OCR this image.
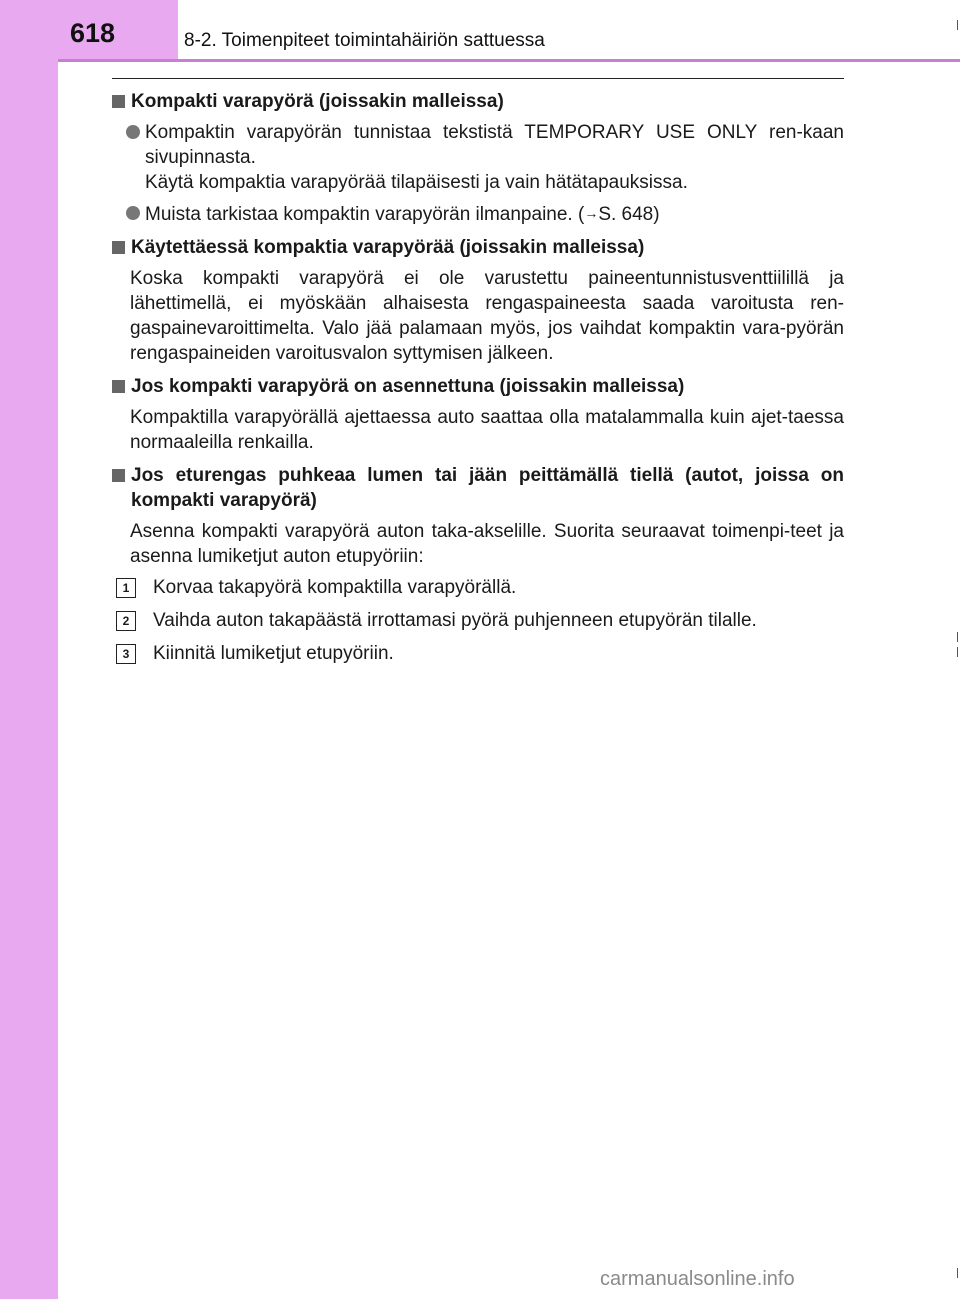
618	8-2. Toimenpiteet toimintahäiriön sattuessa
Kompakti varapyörä (joissakin malleissa)
Kompaktin varapyörän tunnistaa tekstistä TEMPORARY USE ONLY ren-kaan sivupinnasta.
Käytä kompaktia varapyörää tilapäisesti ja vain hätätapauksissa.
Muista tarkistaa kompaktin varapyörän ilmanpaine. (→S. 648)
Käytettäessä kompaktia varapyörää (joissakin malleissa)
Koska kompakti varapyörä ei ole varustettu paineentunnistusventtiilillä ja lähettimellä, ei myöskään alhaisesta rengaspaineesta saada varoitusta ren-gaspainevaroittimelta. Valo jää palamaan myös, jos vaihdat kompaktin vara-pyörän rengaspaineiden varoitusvalon syttymisen jälkeen.
Jos kompakti varapyörä on asennettuna (joissakin malleissa)
Kompaktilla varapyörällä ajettaessa auto saattaa olla matalammalla kuin ajet-taessa normaaleilla renkailla.
Jos eturengas puhkeaa lumen tai jään peittämällä tiellä (autot, joissa on kompakti varapyörä)
Asenna kompakti varapyörä auton taka-akselille. Suorita seuraavat toimenpi-teet ja asenna lumiketjut auton etupyöriin:
1	Korvaa takapyörä kompaktilla varapyörällä.
2	Vaihda auton takapäästä irrottamasi pyörä puhjenneen etupyörän tilalle.
3	Kiinnitä lumiketjut etupyöriin.
carmanualsonline.info
